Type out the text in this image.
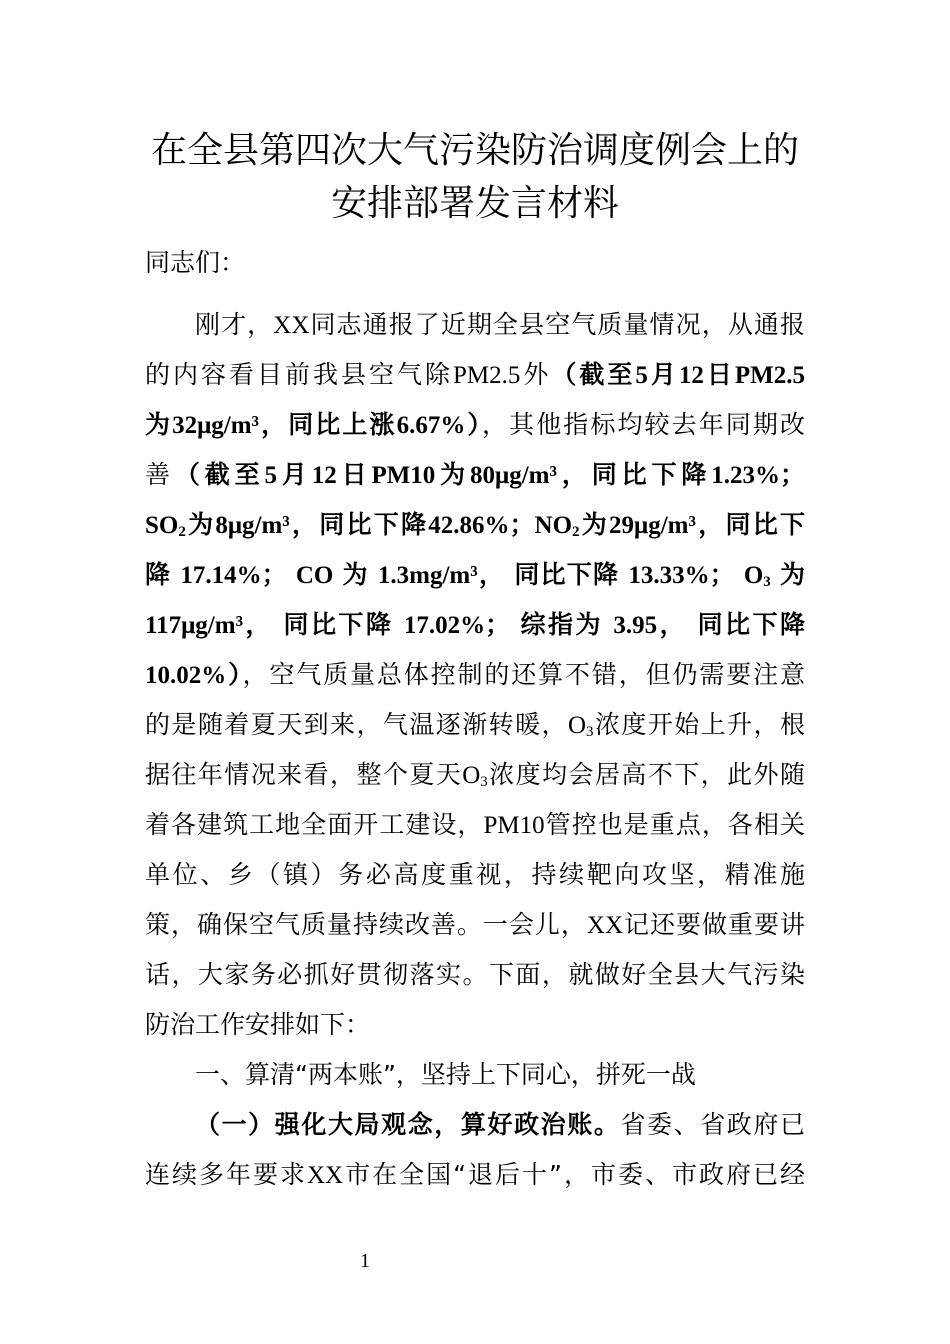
在全县第四次大气污染防治调度例会上的
安排部署发言材料
同志们：
刚才，XX同志通报了近期全县空气质量情况，从通报
的内容看目前我县空气除PM2.5外（截至5月12日PM2.5
为32μg/m³，同比上涨6.67%），其他指标均较去年同期改
善（截至5月12日PM10为80μg/m³，同比下降1.23%；
$SO_2$为8μg/m³，同比下降42.86%；$NO_2$为29μg/m³，同比下
降 17.14%； CO 为 1.3mg/m³， 同比下降 13.33%； $O_3$ 为
117μg/m³， 同比下降 17.02%； 综指为 3.95， 同比下降
10.02%），空气质量总体控制的还算不错，但仍需要注意
的是随着夏天到来，气温逐渐转暖，$O_3$浓度开始上升，根
据往年情况来看，整个夏天$O_3$浓度均会居高不下，此外随
着各建筑工地全面开工建设，PM10管控也是重点，各相关
单位、乡（镇）务必高度重视，持续靶向攻坚，精准施
策，确保空气质量持续改善。一会儿，XX记还要做重要讲
话，大家务必抓好贯彻落实。下面，就做好全县大气污染
防治工作安排如下：
一、算清“两本账”，坚持上下同心，拼死一战
（一）强化大局观念，算好政治账。省委、省政府已
连续多年要求XX市在全国“退后十”，市委、市政府已经
1
